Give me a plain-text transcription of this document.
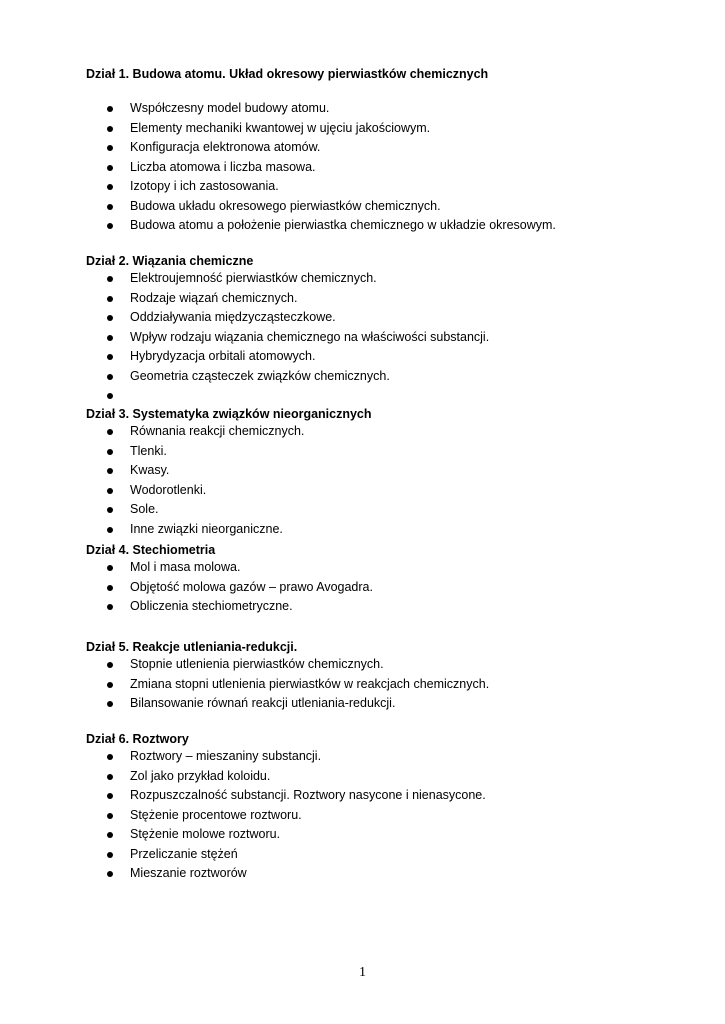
Dział 1. Budowa atomu. Układ okresowy pierwiastków chemicznych
Współczesny model budowy atomu.
Elementy mechaniki kwantowej w ujęciu jakościowym.
Konfiguracja elektronowa atomów.
Liczba atomowa i liczba masowa.
Izotopy i ich zastosowania.
Budowa układu okresowego pierwiastków chemicznych.
Budowa atomu a położenie pierwiastka chemicznego w układzie okresowym.
Dział 2. Wiązania chemiczne
Elektroujemność pierwiastków chemicznych.
Rodzaje wiązań chemicznych.
Oddziaływania międzycząsteczkowe.
Wpływ rodzaju wiązania chemicznego na właściwości substancji.
Hybrydyzacja orbitali atomowych.
Geometria cząsteczek związków chemicznych.
Dział 3. Systematyka związków nieorganicznych
Równania reakcji chemicznych.
Tlenki.
Kwasy.
Wodorotlenki.
Sole.
Inne związki nieorganiczne.
Dział 4. Stechiometria
Mol i masa molowa.
Objętość molowa gazów – prawo Avogadra.
Obliczenia stechiometryczne.
Dział 5. Reakcje utleniania-redukcji.
Stopnie utlenienia pierwiastków chemicznych.
Zmiana stopni utlenienia pierwiastków w reakcjach chemicznych.
Bilansowanie równań reakcji utleniania-redukcji.
Dział 6. Roztwory
Roztwory – mieszaniny substancji.
Zol jako przykład koloidu.
Rozpuszczalność substancji. Roztwory nasycone i nienasycone.
Stężenie procentowe roztworu.
Stężenie molowe roztworu.
Przeliczanie stężeń
Mieszanie roztworów
1
